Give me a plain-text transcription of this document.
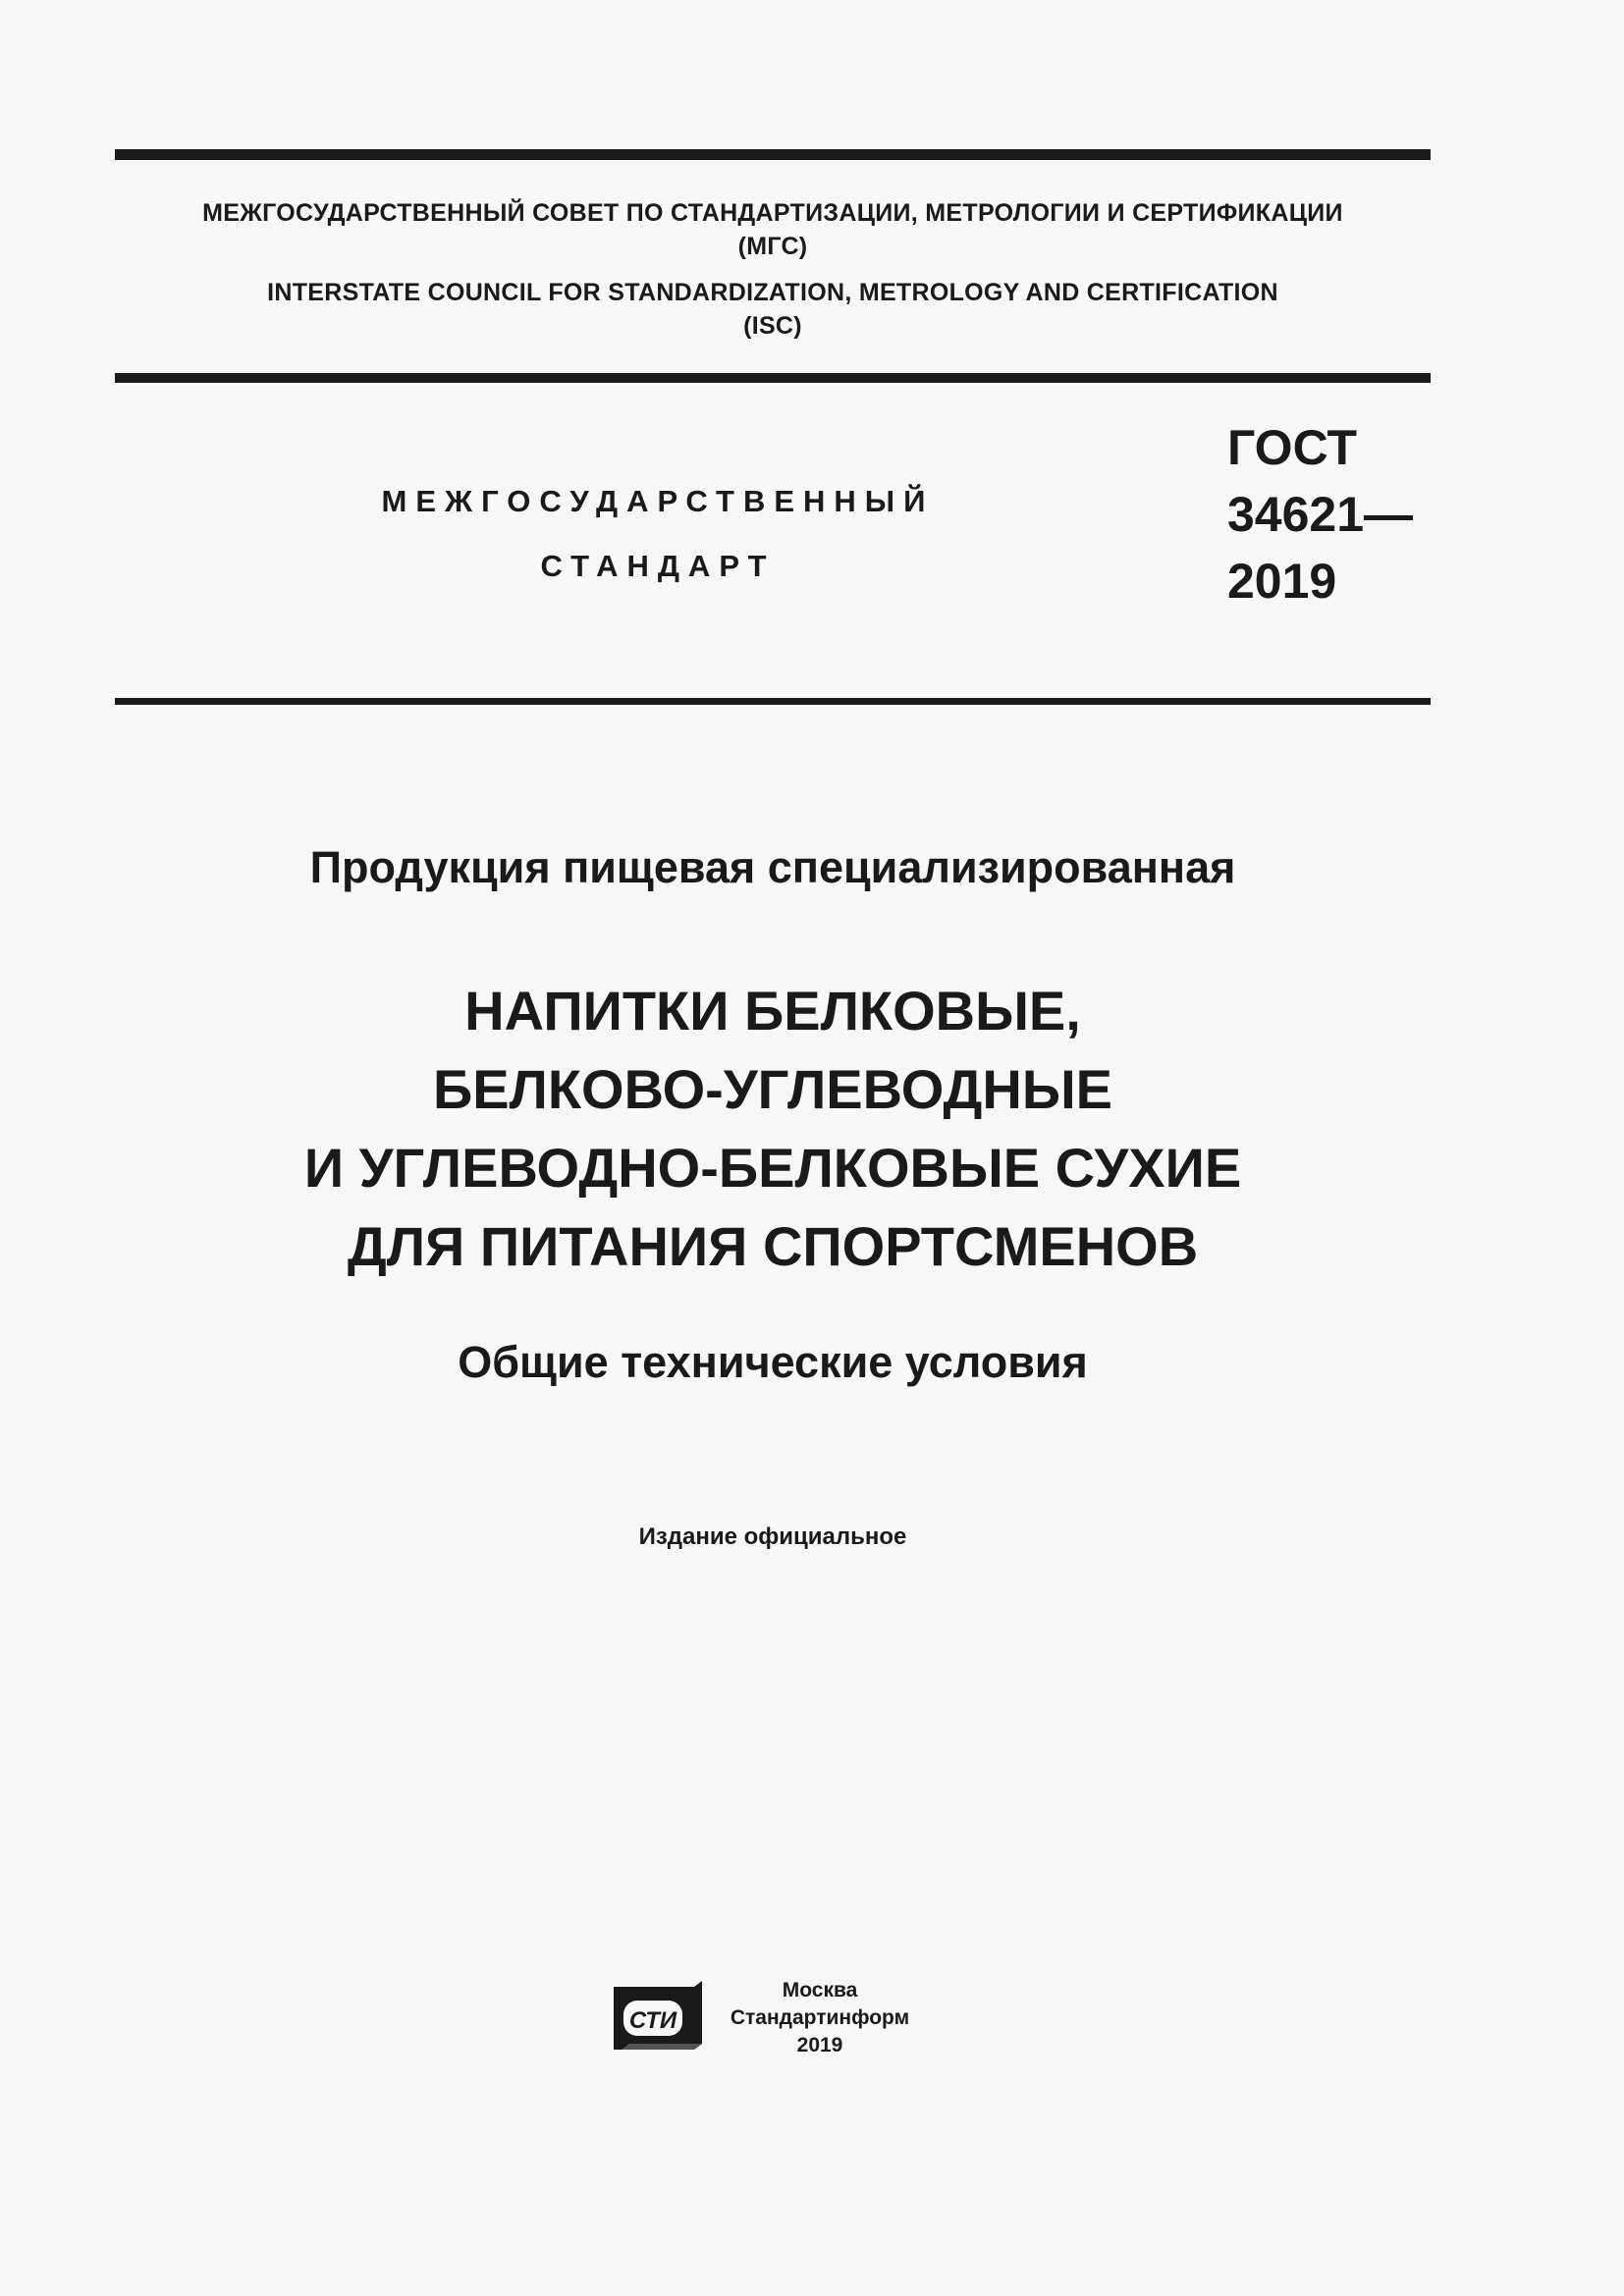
МЕЖГОСУДАРСТВЕННЫЙ СОВЕТ ПО СТАНДАРТИЗАЦИИ, МЕТРОЛОГИИ И СЕРТИФИКАЦИИ
(МГС)
INTERSTATE COUNCIL FOR STANDARDIZATION, METROLOGY AND CERTIFICATION
(ISC)
МЕЖГОСУДАРСТВЕННЫЙ
СТАНДАРТ
ГОСТ
34621—
2019
Продукция пищевая специализированная
НАПИТКИ БЕЛКОВЫЕ,
БЕЛКОВО-УГЛЕВОДНЫЕ
И УГЛЕВОДНО-БЕЛКОВЫЕ СУХИЕ
ДЛЯ ПИТАНИЯ СПОРТСМЕНОВ
Общие технические условия
Издание официальное
СТИ
Москва
Стандартинформ
2019
